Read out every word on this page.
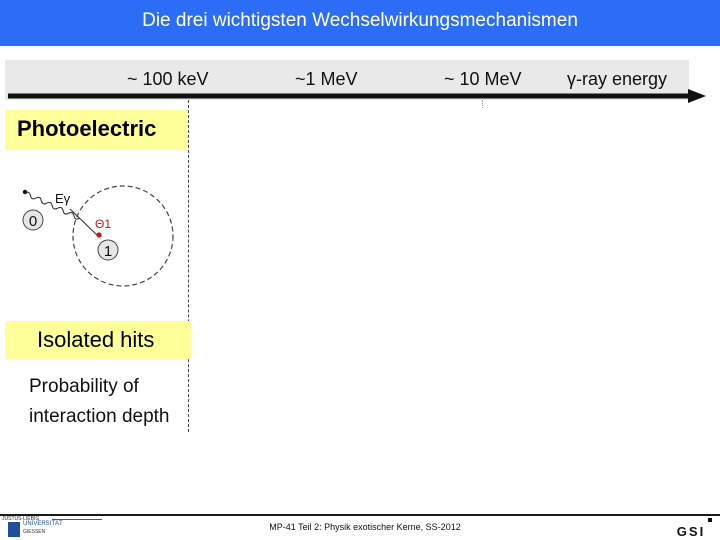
Die drei wichtigsten Wechselwirkungsmechanismen
~ 100 keV	~1 MeV	~ 10 MeV	γ-ray energy
0
1
Eγ
Θ1
GSI
Photoelectric
Isolated hits
Probability of
interaction depth
MP-41 Teil 2: Physik exotischer Kerne, SS-2012
JUSTUS-LIEBIG
UNIVERSITÄT
GIESSEN
